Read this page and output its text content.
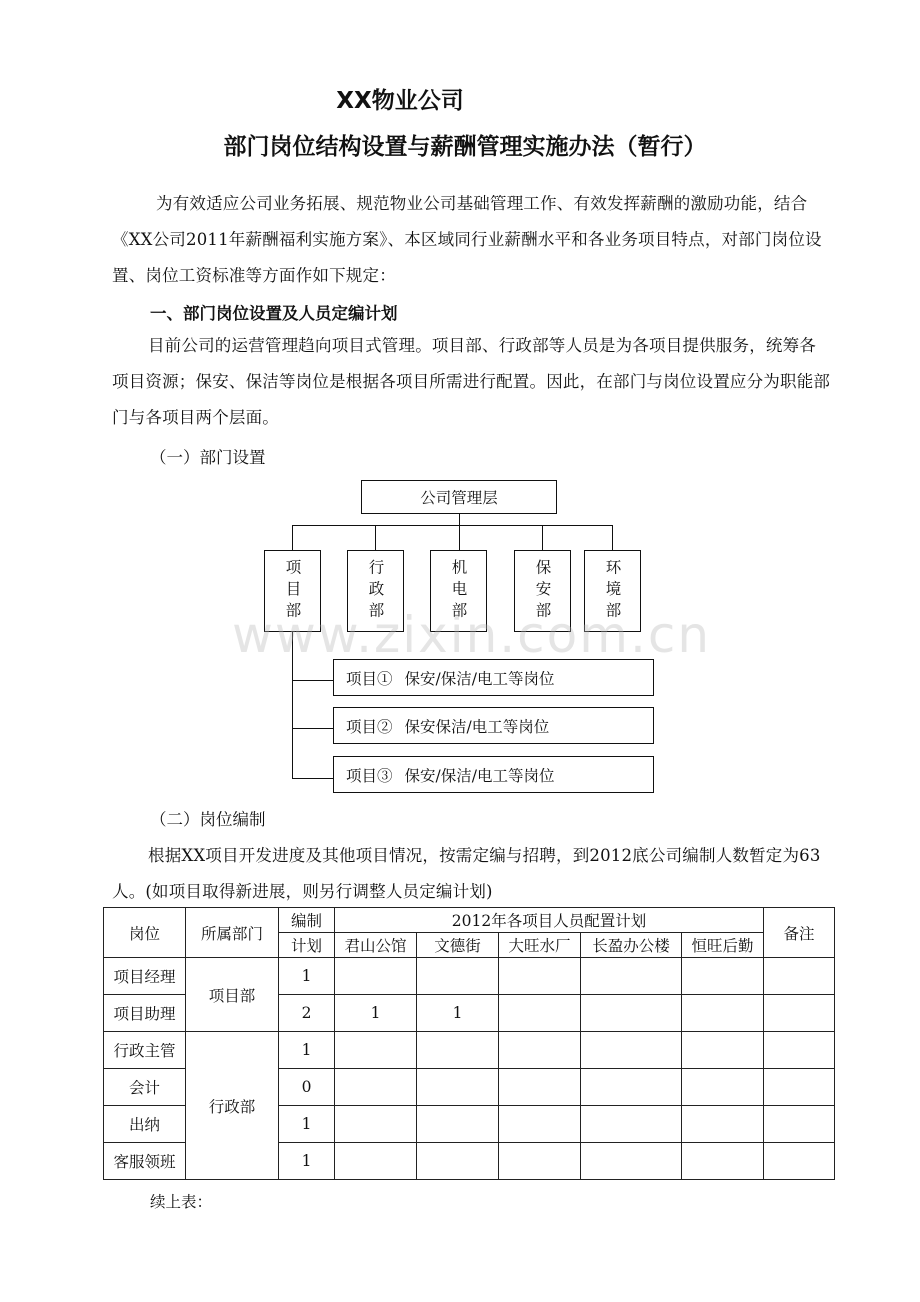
XX物业公司
部门岗位结构设置与薪酬管理实施办法（暂行）
为有效适应公司业务拓展、规范物业公司基础管理工作、有效发挥薪酬的激励功能，结合《XX公司2011年薪酬福利实施方案》、本区域同行业薪酬水平和各业务项目特点，对部门岗位设置、岗位工资标准等方面作如下规定：
一、部门岗位设置及人员定编计划
目前公司的运营管理趋向项目式管理。项目部、行政部等人员是为各项目提供服务，统筹各项目资源；保安、保洁等岗位是根据各项目所需进行配置。因此，在部门与岗位设置应分为职能部门与各项目两个层面。
（一）部门设置
公司管理层
项目部	行政部	机电部	保安部	环境部
项目① 保安/保洁/电工等岗位
项目② 保安保洁/电工等岗位
项目③ 保安/保洁/电工等岗位
www.zixin.com.cn
（二）岗位编制
根据XX项目开发进度及其他项目情况，按需定编与招聘，到2012底公司编制人数暂定为63人。(如项目取得新进展，则另行调整人员定编计划)
岗位	所属部门	编制	2012年各项目人员配置计划					备注
		计划	君山公馆	文德街	大旺水厂	长盈办公楼	恒旺后勤	
项目经理	项目部	1						
项目助理		2	1	1				
行政主管	行政部	1						
会计		0						
出纳		1						
客服领班		1						
续上表：
